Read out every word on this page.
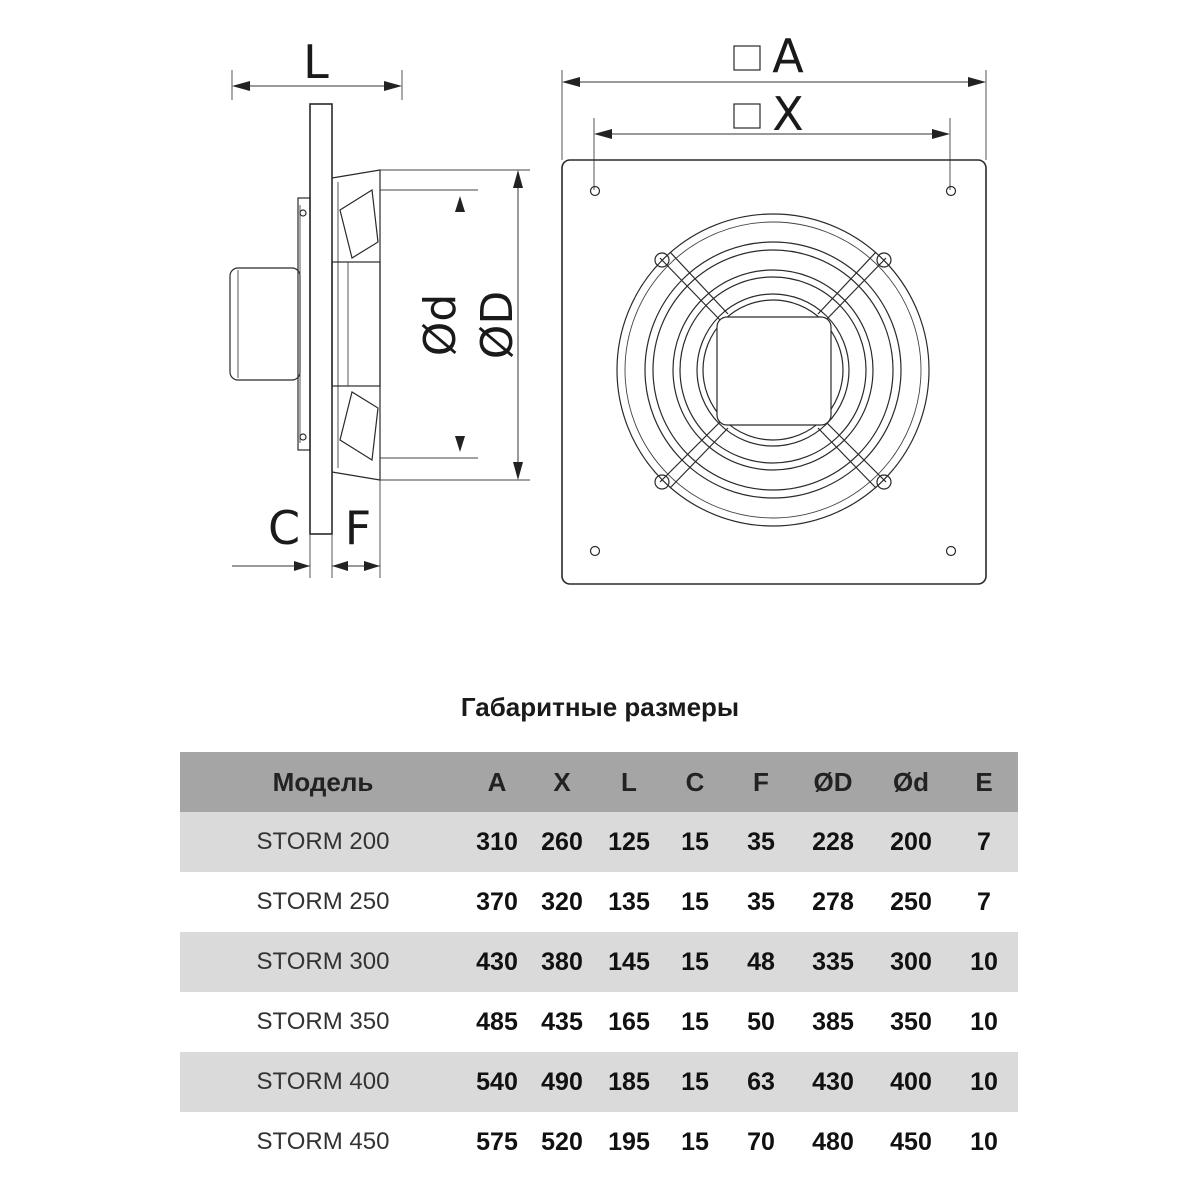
L
Ød ØD
C F
A
X
Габаритные размеры
Модель	A	X	L	C	F	ØD	Ød	E
STORM 200	310	260	125	15	35	228	200	7
STORM 250	370	320	135	15	35	278	250	7
STORM 300	430	380	145	15	48	335	300	10
STORM 350	485	435	165	15	50	385	350	10
STORM 400	540	490	185	15	63	430	400	10
STORM 450	575	520	195	15	70	480	450	10
